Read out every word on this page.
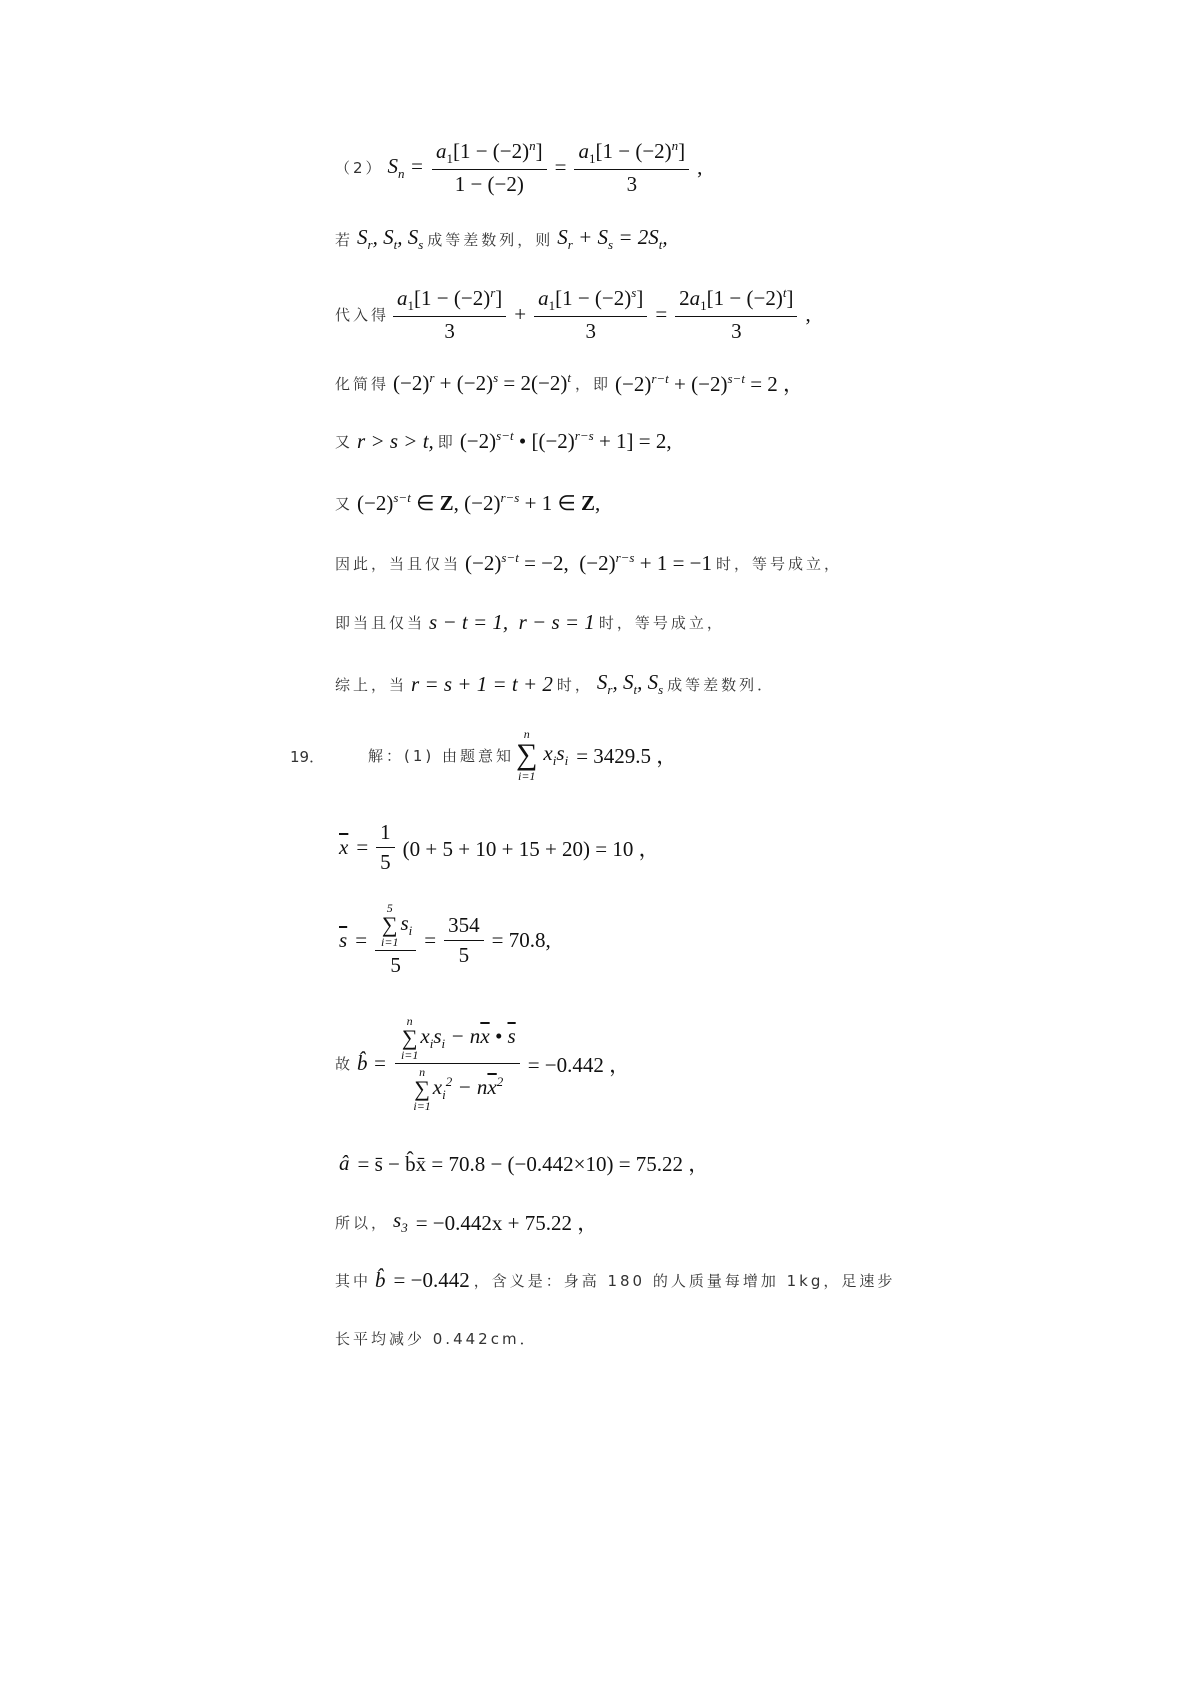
（2） $S_n = \frac{a_1[1 - (-2)^n]}{1 - (-2)} = \frac{a_1[1 - (-2)^n]}{3}$ ,
若 $S_r$, $S_t$, $S_s$ 成等差数列，则 $S_r + S_s = 2S_t$,
代入得 $\frac{a_1[1 - (-2)^r]}{3} + \frac{a_1[1 - (-2)^s]}{3} = \frac{2a_1[1 - (-2)^t]}{3}$ ,
化简得 $(-2)^r + (-2)^s = 2(-2)^t$ ，即 $(-2)^{r-t} + (-2)^{s-t} = 2$ ，
又 r > s > t, 即 $(-2)^{s-t}$ • $[(-2)^{r-s} + 1] = 2$,
又 $(-2)^{s-t}$ ∈ Z, $(-2)^{r-s} + 1$ ∈ Z,
因此，当且仅当 $(-2)^{s-t} = -2$,  $(-2)^{r-s} + 1 = -1$ 时，等号成立，
即当且仅当 s − t = 1,  r − s = 1 时，等号成立，
综上，当 r = s + 1 = t + 2 时， $S_r$, $S_t$, $S_s$ 成等差数列．
19．	解：(1) 由题意知
n
∑
i=1
$x_is_i = 3429.5$ ，
$\overline{x} = \frac{1}{5} (0 + 5 + 10 + 15 + 20) = 10$ ，
$\overline{s} = 5$
∑
i=1
$s_i$
$5 = \frac{354}{5} = 70.8$,
故 b̂ = n
∑
i=1
$x_is_i - n\overline{x}$ • $\overline{s}$
n
∑
i=1
$x_i^2 - n\overline{x}^2 = -0.442$ ，
â = s̄ − b̂x̄ = 70.8 − (−0.442×10) = 75.22 ，
所以， $s_3 = -0.442x + 75.22$ ，
其中 b̂ = −0.442 ，含义是：身高 180 的人质量每增加 1kg，足速步
长平均减少 0.442cm．
